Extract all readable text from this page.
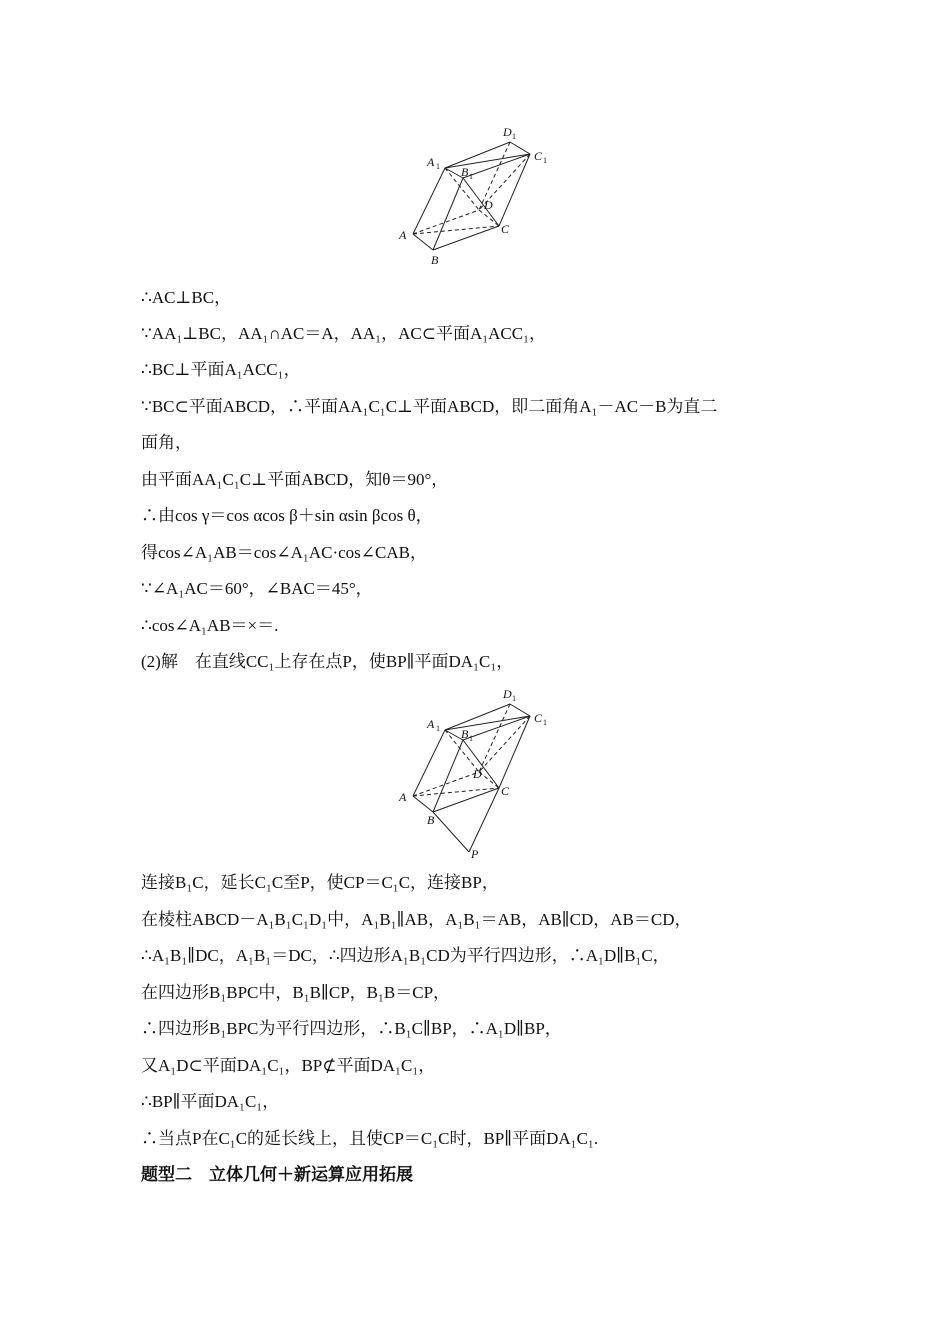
A 1 B 1
D 1
C 1
D
A
B
C
∴AC⊥BC，
∵AA₁⊥BC，AA₁∩AC＝A，AA₁，AC⊂平面A₁ACC₁，
∴BC⊥平面A₁ACC₁，
∵BC⊂平面ABCD，∴平面AA₁C₁C⊥平面ABCD，即二面角A₁－AC－B为直二
面角，
由平面AA₁C₁C⊥平面ABCD，知θ＝90°，
∴由cos γ＝cos αcos β＋sin αsin βcos θ，
得cos∠A₁AB＝cos∠A₁AC·cos∠CAB，
∵∠A₁AC＝60°，∠BAC＝45°，
∴cos∠A₁AB＝×＝.
(2)解　在直线CC₁上存在点P，使BP∥平面DA₁C₁，
A 1 B 1
D 1
C 1
D
A
B
C
P
连接B₁C，延长C₁C至P，使CP＝C₁C，连接BP，
在棱柱ABCD－A₁B₁C₁D₁中，A₁B₁∥AB，A₁B₁＝AB，AB∥CD，AB＝CD，
∴A₁B₁∥DC，A₁B₁＝DC，∴四边形A₁B₁CD为平行四边形，∴A₁D∥B₁C，
在四边形B₁BPC中，B₁B∥CP，B₁B＝CP，
∴四边形B₁BPC为平行四边形，∴B₁C∥BP，∴A₁D∥BP，
又A₁D⊂平面DA₁C₁，BP⊄平面DA₁C₁，
∴BP∥平面DA₁C₁，
∴当点P在C₁C的延长线上，且使CP＝C₁C时，BP∥平面DA₁C₁.
题型二　立体几何＋新运算应用拓展
